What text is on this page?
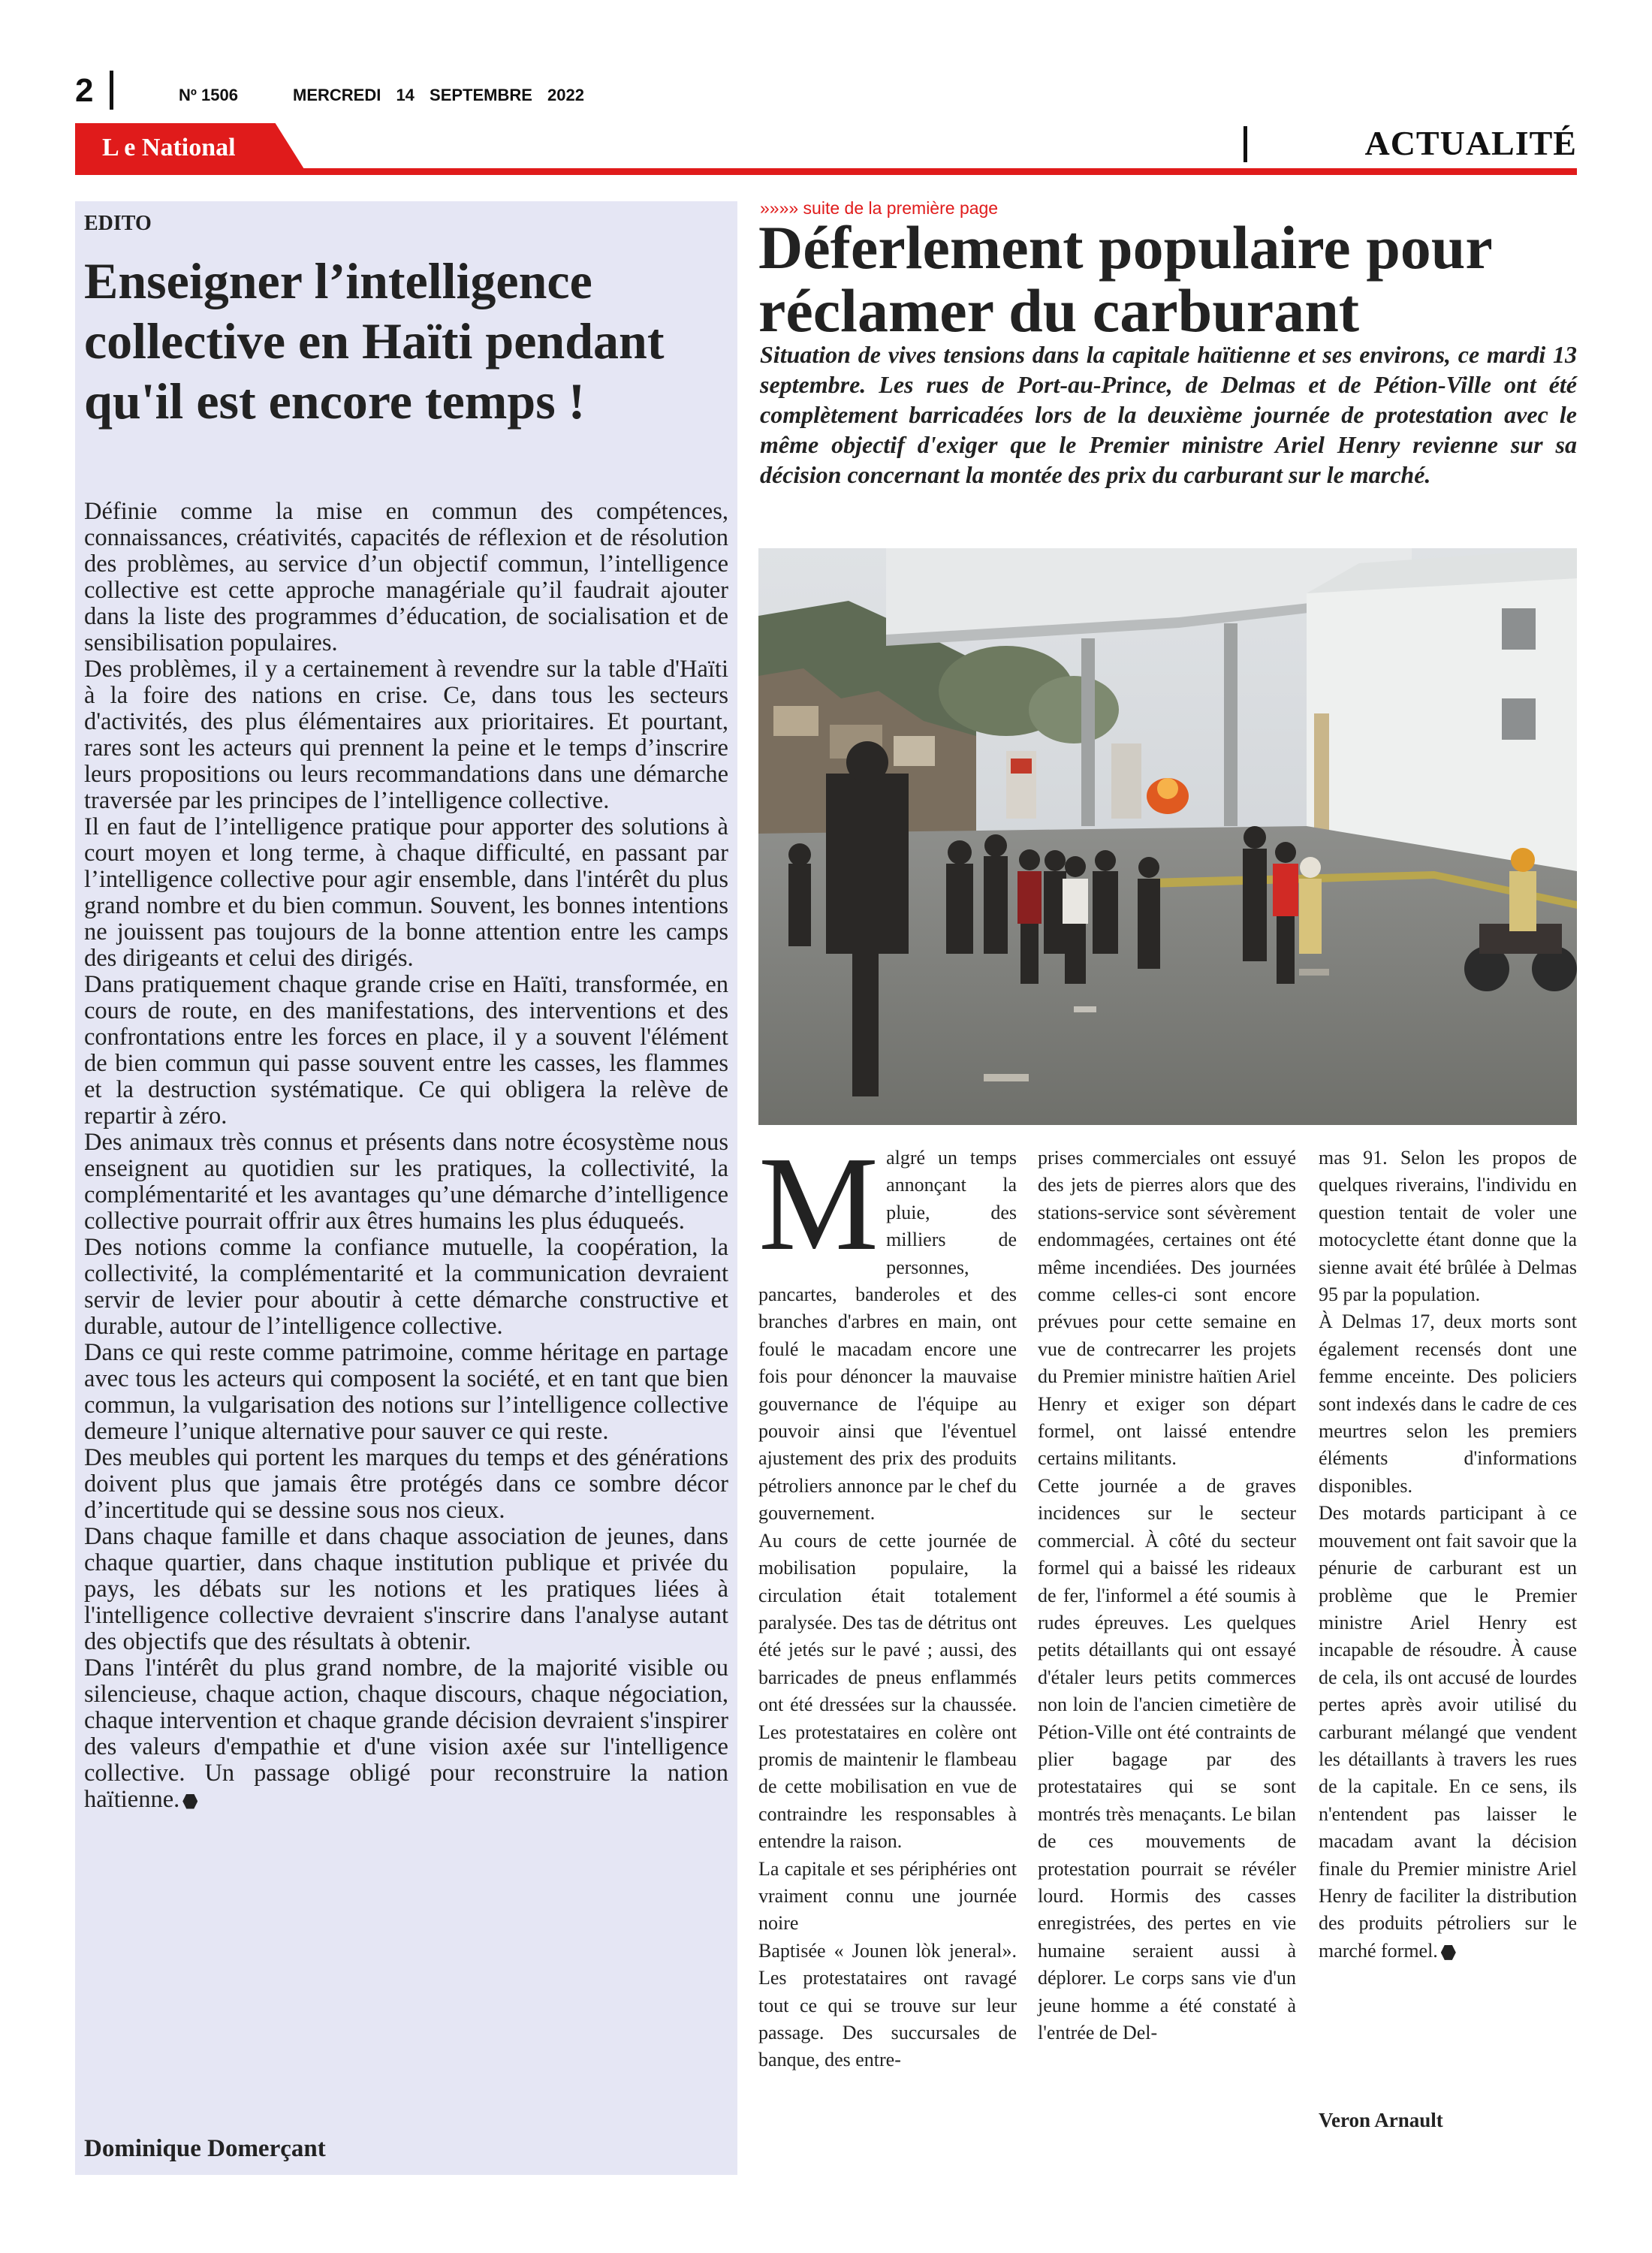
2	Nº 1506	MERCREDI 14 SEPTEMBRE 2022
L e National	ACTUALITÉ
EDITO
Enseigner l’intelligence collective en Haïti pendant qu'il est encore temps !

Définie comme la mise en commun des compétences, connaissances, créativités, capacités de réflexion et de résolution des problèmes, au service d’un objectif commun, l’intelligence collective est cette approche managériale qu’il faudrait ajouter dans la liste des programmes d’éducation, de socialisation et de sensibilisation populaires.

Des problèmes, il y a certainement à revendre sur la table d'Haïti à la foire des nations en crise. Ce, dans tous les secteurs d'activités, des plus élémentaires aux prioritaires. Et pourtant, rares sont les acteurs qui prennent la peine et le temps d’inscrire leurs propositions ou leurs recommandations dans une démarche traversée par les principes de l’intelligence collective.

Il en faut de l’intelligence pratique pour apporter des solutions à court moyen et long terme, à chaque difficulté, en passant par l’intelligence collective pour agir ensemble, dans l'intérêt du plus grand nombre et du bien commun. Souvent, les bonnes intentions ne jouissent pas toujours de la bonne attention entre les camps des dirigeants et celui des dirigés.

Dans pratiquement chaque grande crise en Haïti, transformée, en cours de route, en des manifestations, des interventions et des confrontations entre les forces en place, il y a souvent l'élément de bien commun qui passe souvent entre les casses, les flammes et la destruction systématique. Ce qui obligera la relève de repartir à zéro.

Des animaux très connus et présents dans notre écosystème nous enseignent au quotidien sur les pratiques, la collectivité, la complémentarité et les avantages qu’une démarche d’intelligence collective pourrait offrir aux êtres humains les plus éduqueés.

Des notions comme la confiance mutuelle, la coopération, la collectivité, la complémentarité et la communication devraient servir de levier pour aboutir à cette démarche constructive et durable, autour de l’intelligence collective.

Dans ce qui reste comme patrimoine, comme héritage en partage avec tous les acteurs qui composent la société, et en tant que bien commun, la vulgarisation des notions sur l’intelligence collective demeure l’unique alternative pour sauver ce qui reste.

Des meubles qui portent les marques du temps et des générations doivent plus que jamais être protégés dans ce sombre décor d’incertitude qui se dessine sous nos cieux.

Dans chaque famille et dans chaque association de jeunes, dans chaque quartier, dans chaque institution publique et privée du pays, les débats sur les notions et les pratiques liées à l'intelligence collective devraient s'inscrire dans l'analyse autant des objectifs que des résultats à obtenir.

Dans l'intérêt du plus grand nombre, de la majorité visible ou silencieuse, chaque action, chaque discours, chaque négociation, chaque intervention et chaque grande décision devraient s'inspirer des valeurs d'empathie et d'une vision axée sur l'intelligence collective. Un passage obligé pour reconstruire la nation haïtienne.

Dominique Domerçant
»»»» suite de la première page
Déferlement populaire pour réclamer du carburant
Situation de vives tensions dans la capitale haïtienne et ses environs, ce mardi 13 septembre. Les rues de Port-au-Prince, de Delmas et de Pétion-Ville ont été complètement barricadées lors de la deuxième journée de protestation avec le même objectif d'exiger que le Premier ministre Ariel Henry revienne sur sa décision concernant la montée des prix du carburant sur le marché.
M algré un temps annonçant la pluie, des milliers de personnes, pancartes, banderoles et des branches d'arbres en main, ont foulé le macadam encore une fois pour dénoncer la mauvaise gouvernance de l'équipe au pouvoir ainsi que l'éventuel ajustement des prix des produits pétroliers annonce par le chef du gouvernement.

Au cours de cette journée de mobilisation populaire, la circulation était totalement paralysée. Des tas de détritus ont été jetés sur le pavé ; aussi, des barricades de pneus enflammés ont été dressées sur la chaussée. Les protestataires en colère ont promis de maintenir le flambeau de cette mobilisation en vue de contraindre les responsables à entendre la raison.

La capitale et ses périphéries ont vraiment connu une journée noire

Baptisée « Jounen lòk jeneral». Les protestataires ont ravagé tout ce qui se trouve sur leur passage. Des succursales de banque, des entre-

prises commerciales ont essuyé des jets de pierres alors que des stations-service sont sévèrement endommagées, certaines ont été même incendiées. Des journées comme celles-ci sont encore prévues pour cette semaine en vue de contrecarrer les projets du Premier ministre haïtien Ariel Henry et exiger son départ formel, ont laissé entendre certains militants.

Cette journée a de graves incidences sur le secteur commercial. À côté du secteur formel qui a baissé les rideaux de fer, l'informel a été soumis à rudes épreuves. Les quelques petits détaillants qui ont essayé d'étaler leurs petits commerces non loin de l'ancien cimetière de Pétion-Ville ont été contraints de plier bagage par des protestataires qui se sont montrés très menaçants. Le bilan de ces mouvements de protestation pourrait se révéler lourd. Hormis des casses enregistrées, des pertes en vie humaine seraient aussi à déplorer. Le corps sans vie d'un jeune homme a été constaté à l'entrée de Del-

mas 91. Selon les propos de quelques riverains, l'individu en question tentait de voler une motocyclette étant donne que la sienne avait été brûlée à Delmas 95 par la population.

À Delmas 17, deux morts sont également recensés dont une femme enceinte. Des policiers sont indexés dans le cadre de ces meurtres selon les premiers éléments d'informations disponibles.

Des motards participant à ce mouvement ont fait savoir que la pénurie de carburant est un problème que le Premier ministre Ariel Henry est incapable de résoudre. À cause de cela, ils ont accusé de lourdes pertes après avoir utilisé du carburant mélangé que vendent les détaillants à travers les rues de la capitale. En ce sens, ils n'entendent pas laisser le macadam avant la décision finale du Premier ministre Ariel Henry de faciliter la distribution des produits pétroliers sur le marché formel.

Veron Arnault
